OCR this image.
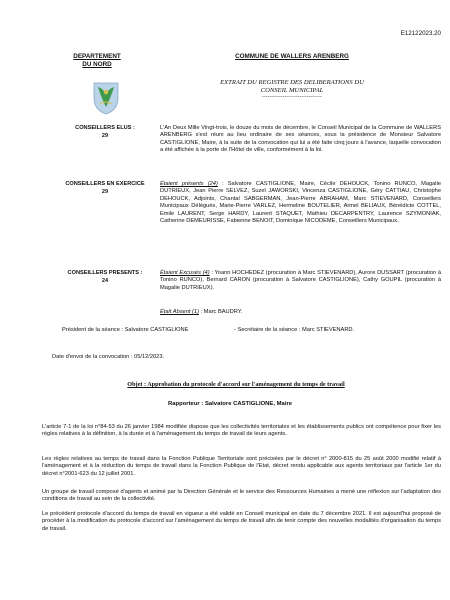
E12122023.20
DEPARTEMENT
DU NORD
COMMUNE DE WALLERS ARENBERG
EXTRAIT DU REGISTRE DES DELIBERATIONS DU
CONSEIL MUNICIPAL
--------------------------------
CONSEILLERS ELUS :
29
L'An Deux Mille Vingt-trois, le douze du mois de décembre, le Conseil Municipal de la Commune de WALLERS ARENBERG s'est réuni au lieu ordinaire de ses séances, sous la présidence de Monsieur Salvatore CASTIGLIONE, Maire, à la suite de la convocation qui lui a été faite cinq jours à l'avance, laquelle convocation a été affichée à la porte de l'Hôtel de ville, conformément à la loi.
CONSEILLERS EN EXERCICE
29
Étaient présents (24) : Salvatore CASTIGLIONE, Maire, Cécile DEHOUCK, Tonino RUNCO, Magalie DUTRIEUX, Jean Pierre SELVEZ, Suzel JAWORSKI, Vincenza CASTIGLIONE, Géry CATTIAU, Christophe DEHOUCK, Adjoints, Chantal SABGERMAN, Jean-Pierre ABRAHAM, Marc STIEVENARD, Conseillers Municipaux Délégués, Marie-Pierre VARLEZ, Hermeline BOUTELIER, Armel BELIAUX, Bénédicte COTTEL, Emile LAURENT, Serge HARDY, Laurent STAQUET, Mathieu DECARPENTRY, Laurence SZYMONIAK, Catherine DEMEURISSE, Fabienne BENOIT, Dominique NICODEME, Conseillers Municipaux.
CONSEILLERS PRESENTS :
24
Étaient Excusés (4) : Yoann HOCHEDEZ (procuration à Marc STIEVENARD), Aurore DUSSART (procuration à Tonino RUNCO), Bernard CARON (procuration à Salvatore CASTIGLIONE), Cathy GOUPIL (procuration à Magalie DUTRIEUX).
Était Absent (1) : Marc BAUDRY.
Président de la séance : Salvatore CASTIGLIONE	- Secrétaire de la séance : Marc STIEVENARD.
Date d'envoi de la convocation : 05/12/2023.
Objet : Approbation du protocole d'accord sur l'aménagement du temps de travail
Rapporteur : Salvatore CASTIGLIONE, Maire
L'article 7-1 de la loi n°84-53 du 26 janvier 1984 modifiée dispose que les collectivités territoriales et les établissements publics ont compétence pour fixer les règles relatives à la définition, à la durée et à l'aménagement du temps de travail de leurs agents.
Les règles relatives au temps de travail dans la Fonction Publique Territoriale sont précisées par le décret n° 2000-815 du 25 août 2000 modifié relatif à l'aménagement et à la réduction du temps de travail dans la Fonction Publique de l'Etat, décret rendu applicable aux agents territoriaux par l'article 1er du décret n°2001-623 du 12 juillet 2001.
Un groupe de travail composé d'agents et animé par la Direction Générale et le service des Ressources Humaines a mené une réflexion sur l'adaptation des conditions de travail au sein de la collectivité.
Le précédent protocole d'accord du temps de travail en vigueur a été validé en Conseil municipal en date du 7 décembre 2021. Il est aujourd'hui proposé de procéder à la modification du protocole d'accord sur l'aménagement du temps de travail afin de tenir compte des nouvelles modalités d'organisation du temps de travail.
